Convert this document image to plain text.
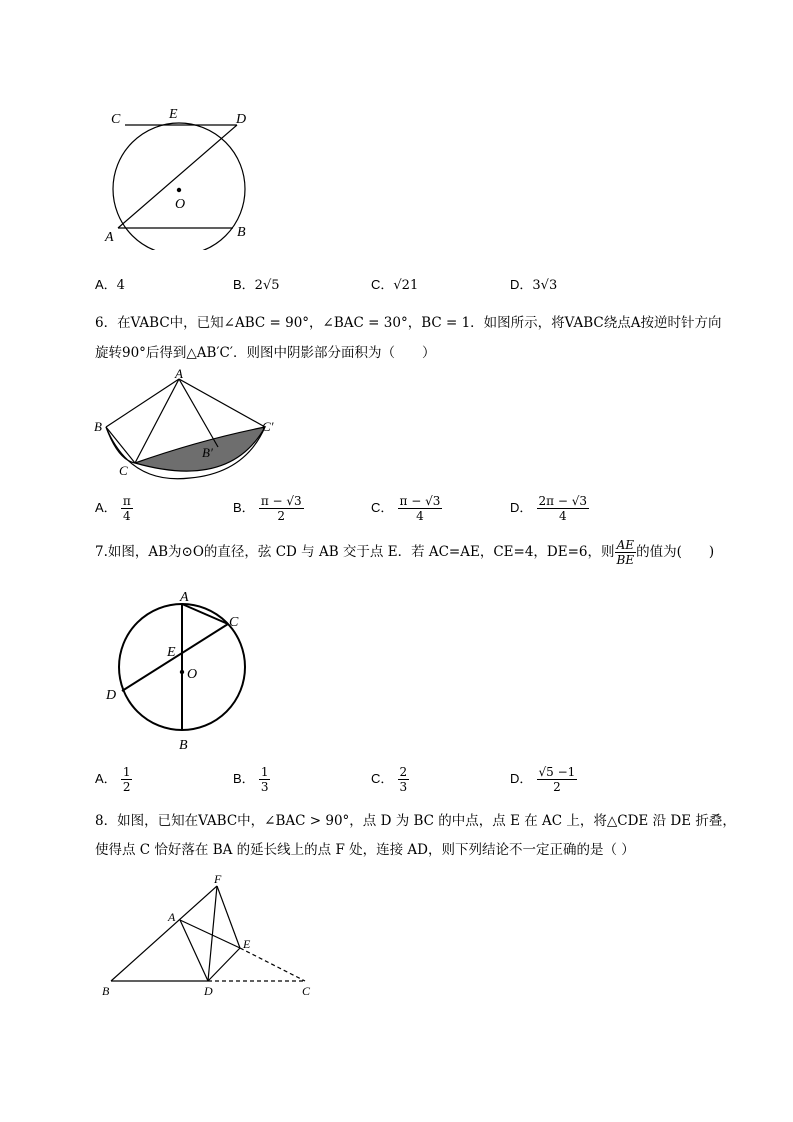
C	E	D
O
A	B
A．4	B．2√5	C．√21	D．3√3
6．在VABC中，已知∠ABC = 90°，∠BAC = 30°，BC = 1．如图所示，将VABC绕点A按逆时针方向
旋转90°后得到△AB′C′．则图中阴影部分面积为（　　）
A
B
C
B′
C′
A． $\frac{\pi}{4}$	B． $\frac{\pi - √3}{2}$	C． $\frac{\pi - √3}{4}$	D． $\frac{2\pi - √3}{4}$
7.如图，AB为⊙O的直径，弦 CD 与 AB 交于点 E．若 AC=AE，CE=4，DE=6，则 $\frac{AE}{BE}$ 的值为(　　)
A
C
E
O
D
B
A． $\frac{1}{2}$	B． $\frac{1}{3}$	C． $\frac{2}{3}$	D． $\frac{√5 -1}{2}$
8．如图，已知在VABC中，∠BAC > 90°，点 D 为 BC 的中点，点 E 在 AC 上，将△CDE 沿 DE 折叠，
使得点 C 恰好落在 BA 的延长线上的点 F 处，连接 AD，则下列结论不一定正确的是（ ）
F
A
E
B	D	C
